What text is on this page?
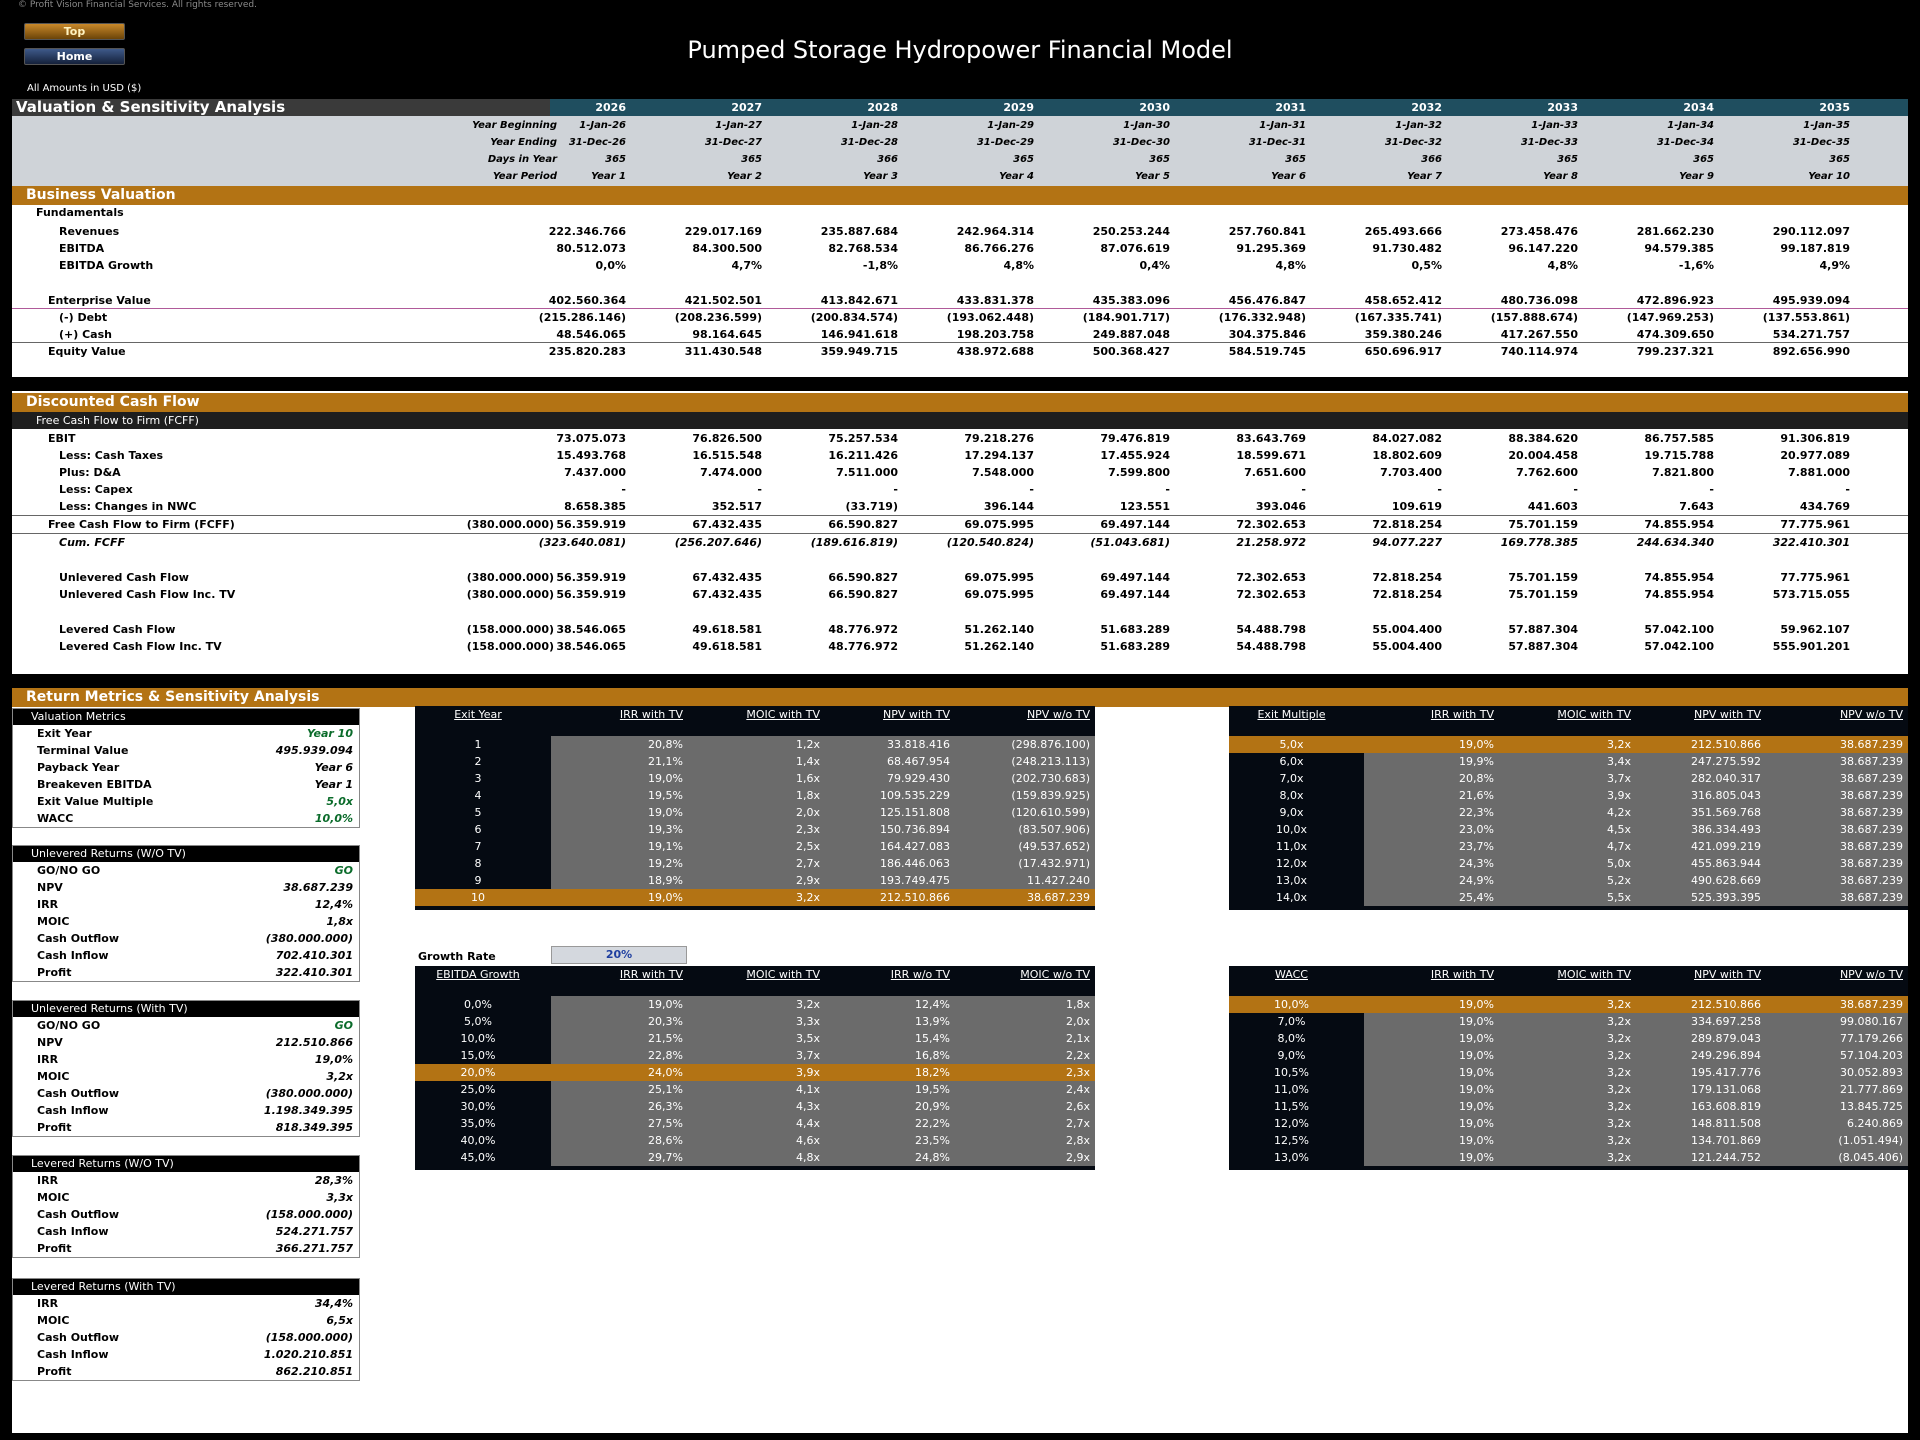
© Profit Vision Financial Services. All rights reserved.
Top
Home	Pumped Storage Hydropower Financial Model
All Amounts in USD ($)
Valuation & Sensitivity Analysis	2026	2027	2028	2029	2030	2031	2032	2033	2034	2035
Year Beginning	1-Jan-26	1-Jan-27	1-Jan-28	1-Jan-29	1-Jan-30	1-Jan-31	1-Jan-32	1-Jan-33	1-Jan-34	1-Jan-35
Year Ending	31-Dec-26	31-Dec-27	31-Dec-28	31-Dec-29	31-Dec-30	31-Dec-31	31-Dec-32	31-Dec-33	31-Dec-34	31-Dec-35
Days in Year	365	365	366	365	365	365	366	365	365	365
Year Period	Year 1	Year 2	Year 3	Year 4	Year 5	Year 6	Year 7	Year 8	Year 9	Year 10
Business Valuation
Fundamentals
Revenues	222.346.766	229.017.169	235.887.684	242.964.314	250.253.244	257.760.841	265.493.666	273.458.476	281.662.230	290.112.097
EBITDA	80.512.073	84.300.500	82.768.534	86.766.276	87.076.619	91.295.369	91.730.482	96.147.220	94.579.385	99.187.819
EBITDA Growth	0,0%	4,7%	-1,8%	4,8%	0,4%	4,8%	0,5%	4,8%	-1,6%	4,9%
Enterprise Value	402.560.364	421.502.501	413.842.671	433.831.378	435.383.096	456.476.847	458.652.412	480.736.098	472.896.923	495.939.094
(-) Debt	(215.286.146)	(208.236.599)	(200.834.574)	(193.062.448)	(184.901.717)	(176.332.948)	(167.335.741)	(157.888.674)	(147.969.253)	(137.553.861)
(+) Cash	48.546.065	98.164.645	146.941.618	198.203.758	249.887.048	304.375.846	359.380.246	417.267.550	474.309.650	534.271.757
Equity Value	235.820.283	311.430.548	359.949.715	438.972.688	500.368.427	584.519.745	650.696.917	740.114.974	799.237.321	892.656.990
Discounted Cash Flow
Free Cash Flow to Firm (FCFF)
EBIT	73.075.073	76.826.500	75.257.534	79.218.276	79.476.819	83.643.769	84.027.082	88.384.620	86.757.585	91.306.819
Less: Cash Taxes	15.493.768	16.515.548	16.211.426	17.294.137	17.455.924	18.599.671	18.802.609	20.004.458	19.715.788	20.977.089
Plus: D&A	7.437.000	7.474.000	7.511.000	7.548.000	7.599.800	7.651.600	7.703.400	7.762.600	7.821.800	7.881.000
Less: Capex	-	-	-	-	-	-	-	-	-	-
Less: Changes in NWC	8.658.385	352.517	(33.719)	396.144	123.551	393.046	109.619	441.603	7.643	434.769
Free Cash Flow to Firm (FCFF)	(380.000.000) 56.359.919	67.432.435	66.590.827	69.075.995	69.497.144	72.302.653	72.818.254	75.701.159	74.855.954	77.775.961
Cum. FCFF	(323.640.081)	(256.207.646)	(189.616.819)	(120.540.824)	(51.043.681)	21.258.972	94.077.227	169.778.385	244.634.340	322.410.301
Unlevered Cash Flow	(380.000.000) 56.359.919	67.432.435	66.590.827	69.075.995	69.497.144	72.302.653	72.818.254	75.701.159	74.855.954	77.775.961
Unlevered Cash Flow Inc. TV	(380.000.000) 56.359.919	67.432.435	66.590.827	69.075.995	69.497.144	72.302.653	72.818.254	75.701.159	74.855.954	573.715.055
Levered Cash Flow	(158.000.000) 38.546.065	49.618.581	48.776.972	51.262.140	51.683.289	54.488.798	55.004.400	57.887.304	57.042.100	59.962.107
Levered Cash Flow Inc. TV	(158.000.000) 38.546.065	49.618.581	48.776.972	51.262.140	51.683.289	54.488.798	55.004.400	57.887.304	57.042.100	555.901.201
Return Metrics & Sensitivity Analysis
Valuation Metrics
Exit Year	Year 10
Terminal Value	495.939.094
Payback Year	Year 6
Breakeven EBITDA	Year 1
Exit Value Multiple	5,0x
WACC	10,0%
Unlevered Returns (W/O TV)
GO/NO GO	GO
NPV	38.687.239
IRR	12,4%
MOIC	1,8x
Cash Outflow	(380.000.000)
Cash Inflow	702.410.301
Profit	322.410.301
Unlevered Returns (With TV)
GO/NO GO	GO
NPV	212.510.866
IRR	19,0%
MOIC	3,2x
Cash Outflow	(380.000.000)
Cash Inflow	1.198.349.395
Profit	818.349.395
Levered Returns (W/O TV)
IRR	28,3%
MOIC	3,3x
Cash Outflow	(158.000.000)
Cash Inflow	524.271.757
Profit	366.271.757
Levered Returns (With TV)
IRR	34,4%
MOIC	6,5x
Cash Outflow	(158.000.000)
Cash Inflow	1.020.210.851
Profit	862.210.851
Growth Rate	20%
Exit Year	IRR with TV	MOIC with TV	NPV with TV	NPV w/o TV
1	20,8%	1,2x	33.818.416	(298.876.100)
2	21,1%	1,4x	68.467.954	(248.213.113)
3	19,0%	1,6x	79.929.430	(202.730.683)
4	19,5%	1,8x	109.535.229	(159.839.925)
5	19,0%	2,0x	125.151.808	(120.610.599)
6	19,3%	2,3x	150.736.894	(83.507.906)
7	19,1%	2,5x	164.427.083	(49.537.652)
8	19,2%	2,7x	186.446.063	(17.432.971)
9	18,9%	2,9x	193.749.475	11.427.240
10	19,0%	3,2x	212.510.866	38.687.239
Exit Multiple	IRR with TV	MOIC with TV	NPV with TV	NPV w/o TV
5,0x	19,0%	3,2x	212.510.866	38.687.239
6,0x	19,9%	3,4x	247.275.592	38.687.239
7,0x	20,8%	3,7x	282.040.317	38.687.239
8,0x	21,6%	3,9x	316.805.043	38.687.239
9,0x	22,3%	4,2x	351.569.768	38.687.239
10,0x	23,0%	4,5x	386.334.493	38.687.239
11,0x	23,7%	4,7x	421.099.219	38.687.239
12,0x	24,3%	5,0x	455.863.944	38.687.239
13,0x	24,9%	5,2x	490.628.669	38.687.239
14,0x	25,4%	5,5x	525.393.395	38.687.239
EBITDA Growth	IRR with TV	MOIC with TV	IRR w/o TV	MOIC w/o TV
0,0%	19,0%	3,2x	12,4%	1,8x
5,0%	20,3%	3,3x	13,9%	2,0x
10,0%	21,5%	3,5x	15,4%	2,1x
15,0%	22,8%	3,7x	16,8%	2,2x
20,0%	24,0%	3,9x	18,2%	2,3x
25,0%	25,1%	4,1x	19,5%	2,4x
30,0%	26,3%	4,3x	20,9%	2,6x
35,0%	27,5%	4,4x	22,2%	2,7x
40,0%	28,6%	4,6x	23,5%	2,8x
45,0%	29,7%	4,8x	24,8%	2,9x
WACC	IRR with TV	MOIC with TV	NPV with TV	NPV w/o TV
10,0%	19,0%	3,2x	212.510.866	38.687.239
7,0%	19,0%	3,2x	334.697.258	99.080.167
8,0%	19,0%	3,2x	289.879.043	77.179.266
9,0%	19,0%	3,2x	249.296.894	57.104.203
10,5%	19,0%	3,2x	195.417.776	30.052.893
11,0%	19,0%	3,2x	179.131.068	21.777.869
11,5%	19,0%	3,2x	163.608.819	13.845.725
12,0%	19,0%	3,2x	148.811.508	6.240.869
12,5%	19,0%	3,2x	134.701.869	(1.051.494)
13,0%	19,0%	3,2x	121.244.752	(8.045.406)
